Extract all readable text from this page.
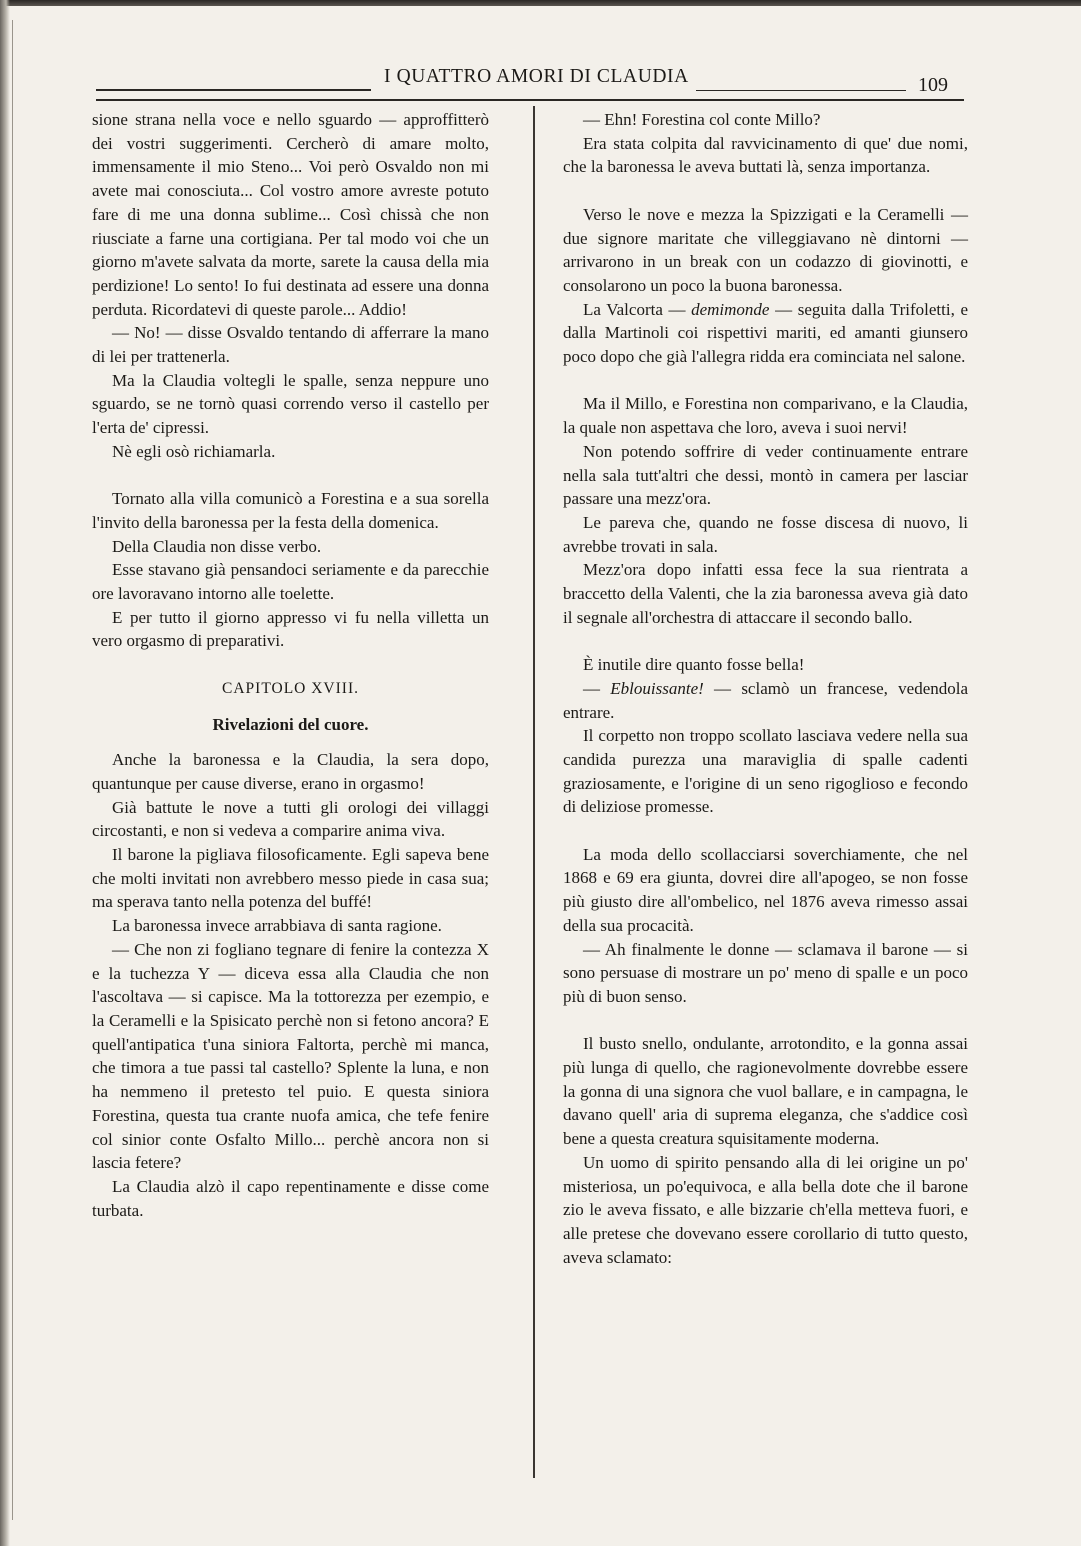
I QUATTRO AMORI DI CLAUDIA	109

sione strana nella voce e nello sguardo — approffitterò dei vostri suggerimenti. Cercherò di amare molto, immensamente il mio Steno... Voi però Osvaldo non mi avete mai conosciuta... Col vostro amore avreste potuto fare di me una donna sublime... Così chissà che non riusciate a farne una cortigiana. Per tal modo voi che un giorno m'avete salvata da morte, sarete la causa della mia perdizione! Lo sento! Io fui destinata ad essere una donna perduta. Ricordatevi di queste parole... Addio!

— No! — disse Osvaldo tentando di afferrare la mano di lei per trattenerla.

Ma la Claudia voltegli le spalle, senza neppure uno sguardo, se ne tornò quasi correndo verso il castello per l'erta de' cipressi.

Nè egli osò richiamarla.

Tornato alla villa comunicò a Forestina e a sua sorella l'invito della baronessa per la festa della domenica.

Della Claudia non disse verbo.

Esse stavano già pensandoci seriamente e da parecchie ore lavoravano intorno alle toelette.

E per tutto il giorno appresso vi fu nella villetta un vero orgasmo di preparativi.

CAPITOLO XVIII.

Rivelazioni del cuore.

Anche la baronessa e la Claudia, la sera dopo, quantunque per cause diverse, erano in orgasmo!

Già battute le nove a tutti gli orologi dei villaggi circostanti, e non si vedeva a comparire anima viva.

Il barone la pigliava filosoficamente. Egli sapeva bene che molti invitati non avrebbero messo piede in casa sua; ma sperava tanto nella potenza del buffé!

La baronessa invece arrabbiava di santa ragione.

— Che non zi fogliano tegnare di fenire la contezza X e la tuchezza Y — diceva essa alla Claudia che non l'ascoltava — si capisce. Ma la tottorezza per ezempio, e la Ceramelli e la Spisicato perchè non si fetono ancora? E quell'antipatica t'una siniora Faltorta, perchè mi manca, che timora a tue passi tal castello? Splente la luna, e non ha nemmeno il pretesto tel puio. E questa siniora Forestina, questa tua crante nuofa amica, che tefe fenire col sinior conte Osfalto Millo... perchè ancora non si lascia fetere?

La Claudia alzò il capo repentinamente e disse come turbata.

— Ehn! Forestina col conte Millo?

Era stata colpita dal ravvicinamento di que' due nomi, che la baronessa le aveva buttati là, senza importanza.

Verso le nove e mezza la Spizzigati e la Ceramelli — due signore maritate che villeggiavano nè dintorni — arrivarono in un break con un codazzo di giovinotti, e consolarono un poco la buona baronessa.

La Valcorta — demimonde — seguita dalla Trifoletti, e dalla Martinoli coi rispettivi mariti, ed amanti giunsero poco dopo che già l'allegra ridda era cominciata nel salone.

Ma il Millo, e Forestina non comparivano, e la Claudia, la quale non aspettava che loro, aveva i suoi nervi!

Non potendo soffrire di veder continuamente entrare nella sala tutt'altri che dessi, montò in camera per lasciar passare una mezz'ora.

Le pareva che, quando ne fosse discesa di nuovo, li avrebbe trovati in sala.

Mezz'ora dopo infatti essa fece la sua rientrata a braccetto della Valenti, che la zia baronessa aveva già dato il segnale all'orchestra di attaccare il secondo ballo.

È inutile dire quanto fosse bella!

— Eblouissante! — sclamò un francese, vedendola entrare.

Il corpetto non troppo scollato lasciava vedere nella sua candida purezza una maraviglia di spalle cadenti graziosamente, e l'origine di un seno rigoglioso e fecondo di deliziose promesse.

La moda dello scollacciarsi soverchiamente, che nel 1868 e 69 era giunta, dovrei dire all'apogeo, se non fosse più giusto dire all'ombelico, nel 1876 aveva rimesso assai della sua procacità.

— Ah finalmente le donne — sclamava il barone — si sono persuase di mostrare un po' meno di spalle e un poco più di buon senso.

Il busto snello, ondulante, arrotondito, e la gonna assai più lunga di quello, che ragionevolmente dovrebbe essere la gonna di una signora che vuol ballare, e in campagna, le davano quell' aria di suprema eleganza, che s'addice così bene a questa creatura squisitamente moderna.

Un uomo di spirito pensando alla di lei origine un po' misteriosa, un po'equivoca, e alla bella dote che il barone zio le aveva fissato, e alle bizzarie ch'ella metteva fuori, e alle pretese che dovevano essere corollario di tutto questo, aveva sclamato:
